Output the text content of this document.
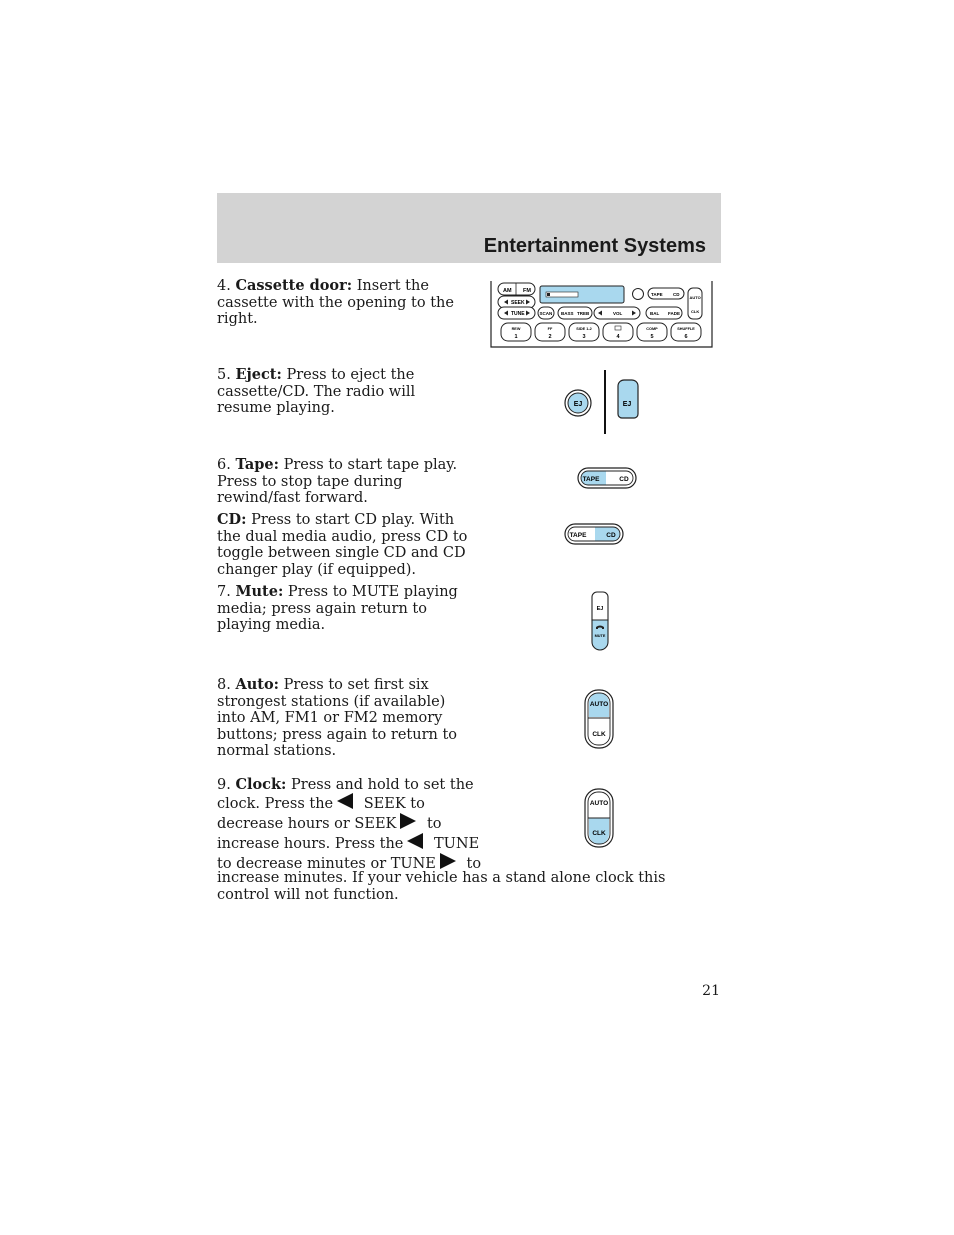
Entertainment Systems
4. Cassette door: Insert the cassette with the opening to the right.
AM FM
SEEK
TUNE
TAPE CD
AUTO
CLK
SCAN BASS TREB	VOL	BAL FADE
REW
1
FF
2
SIDE 1-2
3	4
COMP
5
SHUFFLE
6
5. Eject: Press to eject the cassette/CD. The radio will resume playing.	EJ	EJ
6. Tape: Press to start tape play. Press to stop tape during rewind/fast forward.
TAPE	CD
CD: Press to start CD play. With the dual media audio, press CD to toggle between single CD and CD changer play (if equipped).
TAPE	CD
7. Mute: Press to MUTE playing media; press again return to playing media.
EJ
MUTE
8. Auto: Press to set first six strongest stations (if available) into AM, FM1 or FM2 memory buttons; press again to return to normal stations.
AUTO
CLK
9. Clock: Press and hold to set the
clock. Press the SEEK to
decrease hours or SEEK to
increase hours. Press the TUNE
to decrease minutes or TUNE to
increase minutes. If your vehicle has a stand alone clock this control will not function.
AUTO
CLK
21
